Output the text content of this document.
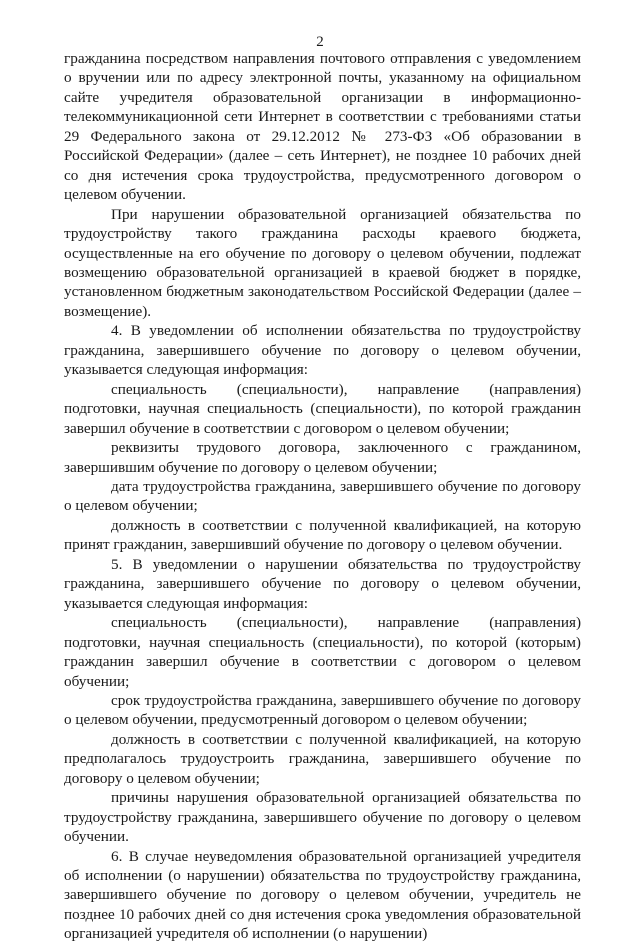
2

гражданина посредством направления почтового отправления с уведомлением о вручении или по адресу электронной почты, указанному на официальном сайте учредителя образовательной организации в информационно-телекоммуникационной сети Интернет в соответствии с требованиями статьи 29 Федерального закона от 29.12.2012 № 273-ФЗ «Об образовании в Российской Федерации» (далее – сеть Интернет), не позднее 10 рабочих дней со дня истечения срока трудоустройства, предусмотренного договором о целевом обучении.

При нарушении образовательной организацией обязательства по трудоустройству такого гражданина расходы краевого бюджета, осуществленные на его обучение по договору о целевом обучении, подлежат возмещению образовательной организацией в краевой бюджет в порядке, установленном бюджетным законодательством Российской Федерации (далее – возмещение).

4. В уведомлении об исполнении обязательства по трудоустройству гражданина, завершившего обучение по договору о целевом обучении, указывается следующая информация:

специальность (специальности), направление (направления) подготовки, научная специальность (специальности), по которой гражданин завершил обучение в соответствии с договором о целевом обучении;

реквизиты трудового договора, заключенного с гражданином, завершившим обучение по договору о целевом обучении;

дата трудоустройства гражданина, завершившего обучение по договору о целевом обучении;

должность в соответствии с полученной квалификацией, на которую принят гражданин, завершивший обучение по договору о целевом обучении.

5. В уведомлении о нарушении обязательства по трудоустройству гражданина, завершившего обучение по договору о целевом обучении, указывается следующая информация:

специальность (специальности), направление (направления) подготовки, научная специальность (специальности), по которой (которым) гражданин завершил обучение в соответствии с договором о целевом обучении;

срок трудоустройства гражданина, завершившего обучение по договору о целевом обучении, предусмотренный договором о целевом обучении;

должность в соответствии с полученной квалификацией, на которую предполагалось трудоустроить гражданина, завершившего обучение по договору о целевом обучении;

причины нарушения образовательной организацией обязательства по трудоустройству гражданина, завершившего обучение по договору о целевом обучении.

6. В случае неуведомления образовательной организацией учредителя об исполнении (о нарушении) обязательства по трудоустройству гражданина, завершившего обучение по договору о целевом обучении, учредитель не позднее 10 рабочих дней со дня истечения срока уведомления образовательной организацией учредителя об исполнении (о нарушении)
